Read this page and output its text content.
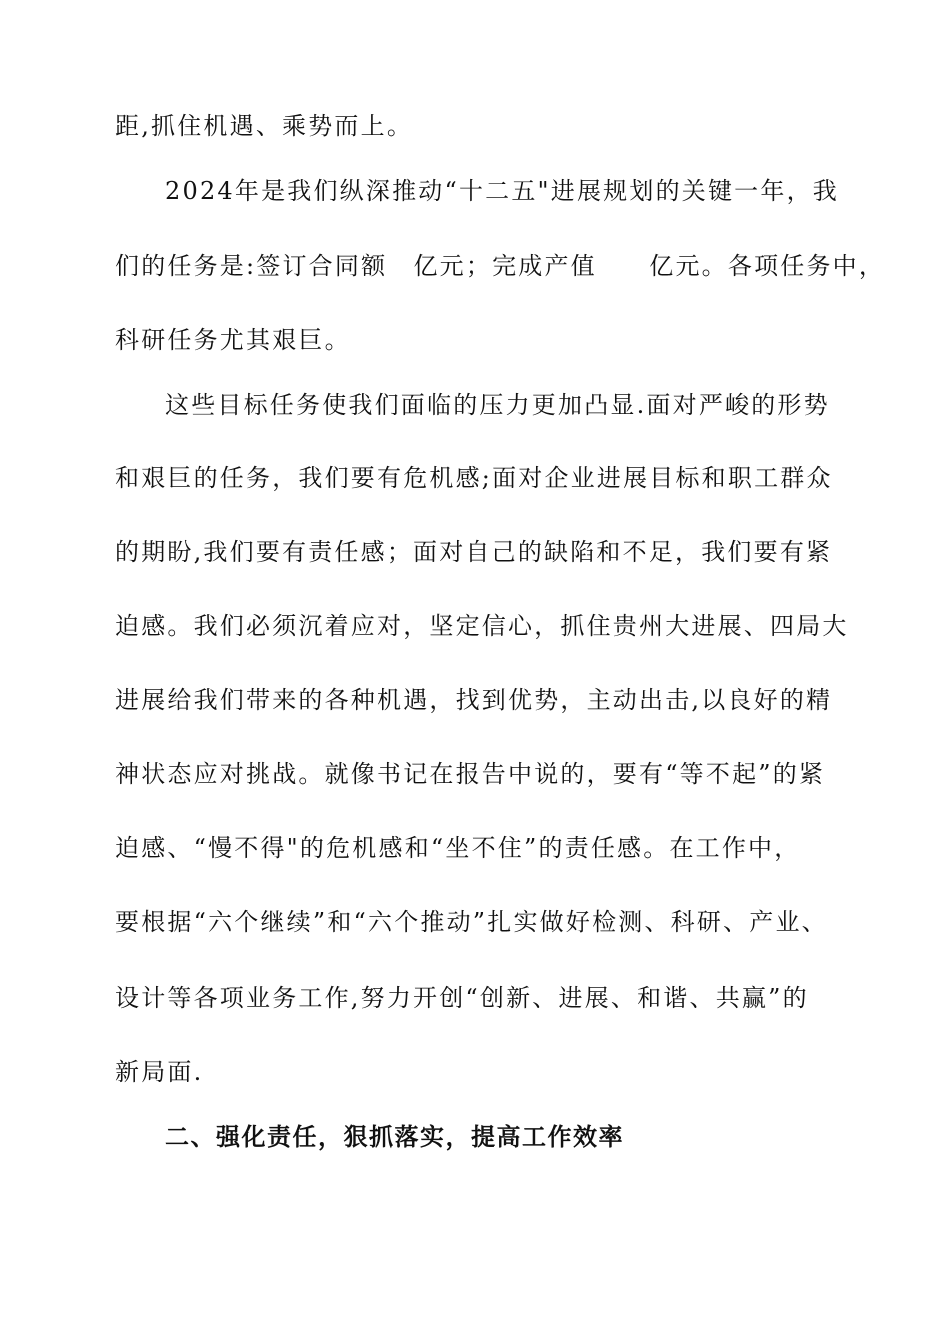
距,抓住机遇、乘势而上。
2024年是我们纵深推动“十二五"进展规划的关键一年，我
们的任务是:签订合同额　亿元；完成产值　　亿元。各项任务中，
科研任务尤其艰巨。
这些目标任务使我们面临的压力更加凸显.面对严峻的形势
和艰巨的任务，我们要有危机感;面对企业进展目标和职工群众
的期盼,我们要有责任感；面对自己的缺陷和不足，我们要有紧
迫感。我们必须沉着应对，坚定信心，抓住贵州大进展、四局大
进展给我们带来的各种机遇，找到优势，主动出击,以良好的精
神状态应对挑战。就像书记在报告中说的，要有“等不起”的紧
迫感、“慢不得"的危机感和“坐不住”的责任感。在工作中，
要根据“六个继续”和“六个推动”扎实做好检测、科研、产业、
设计等各项业务工作,努力开创“创新、进展、和谐、共赢”的
新局面.
二、强化责任，狠抓落实，提高工作效率
